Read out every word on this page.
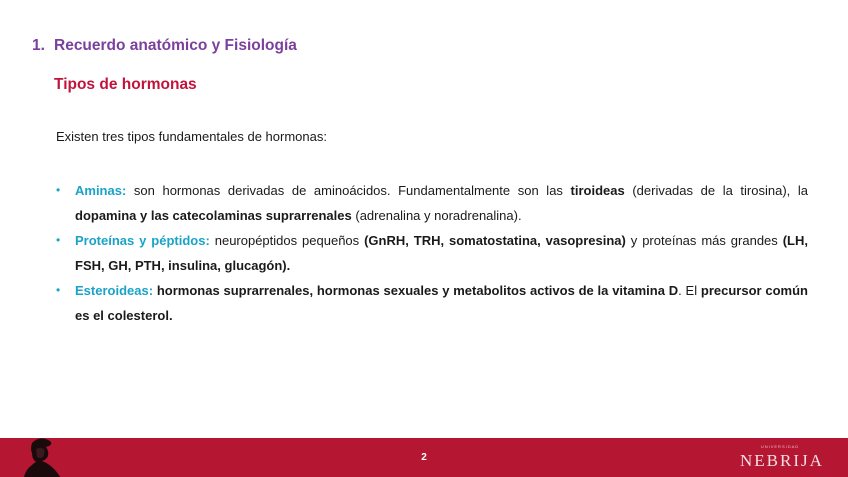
1. Recuerdo anatómico y Fisiología
Tipos de hormonas
Existen tres tipos fundamentales de hormonas:
• Aminas: son hormonas derivadas de aminoácidos. Fundamentalmente son las tiroideas (derivadas de la tirosina), la dopamina y las catecolaminas suprarrenales (adrenalina y noradrenalina).
• Proteínas y péptidos: neuropéptidos pequeños (GnRH, TRH, somatostatina, vasopresina) y proteínas más grandes (LH, FSH, GH, PTH, insulina, glucagón).
• Esteroideas: hormonas suprarrenales, hormonas sexuales y metabolitos activos de la vitamina D. El precursor común es el colesterol.
2
UNIVERSIDAD
NEBRIJA
